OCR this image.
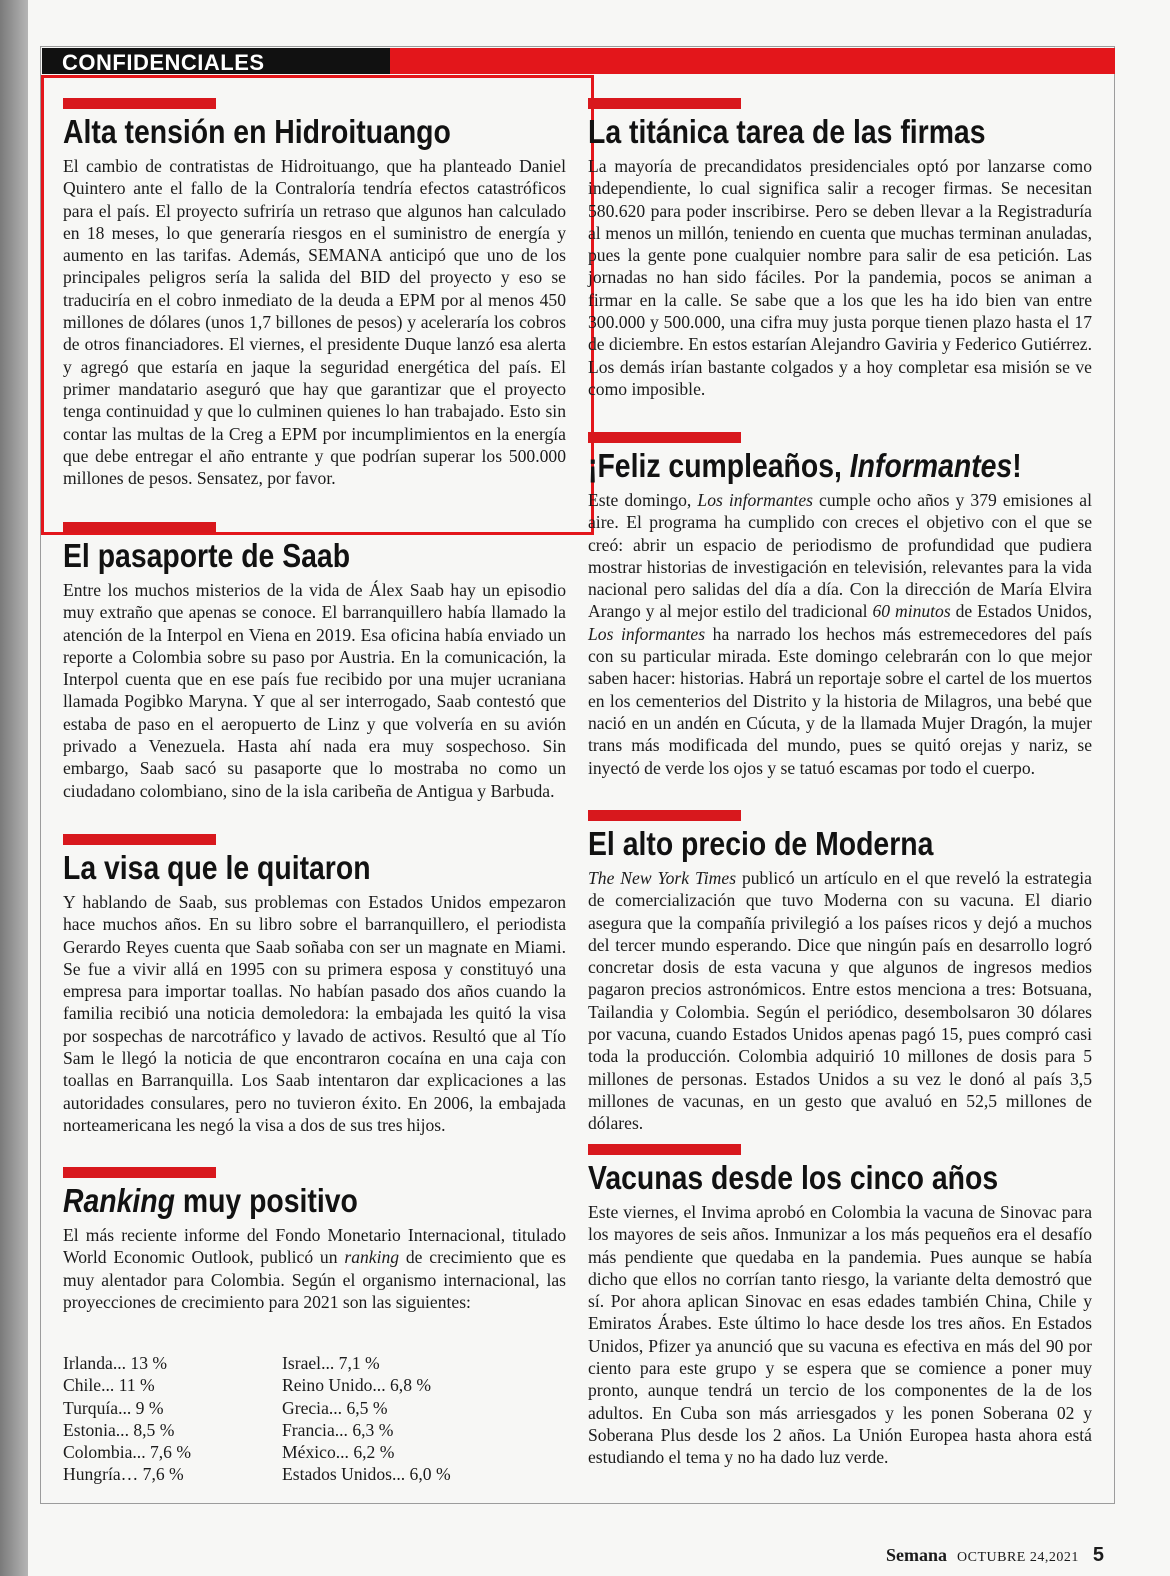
CONFIDENCIALES
Alta tensión en Hidroituango

El cambio de contratistas de Hidroituango, que ha planteado Daniel Quintero ante el fallo de la Contraloría tendría efectos catastróficos para el país. El proyecto sufriría un retraso que algunos han calculado en 18 meses, lo que generaría riesgos en el suministro de energía y aumento en las tarifas. Además, SEMANA anticipó que uno de los principales peligros sería la salida del BID del proyecto y eso se traduciría en el cobro inmediato de la deuda a EPM por al menos 450 millones de dólares (unos 1,7 billones de pesos) y aceleraría los cobros de otros financiadores. El viernes, el presidente Duque lanzó esa alerta y agregó que estaría en jaque la seguridad energética del país. El primer mandatario aseguró que hay que garantizar que el proyecto tenga continuidad y que lo culminen quienes lo han trabajado. Esto sin contar las multas de la Creg a EPM por incumplimientos en la energía que debe entregar el año entrante y que podrían superar los 500.000 millones de pesos. Sensatez, por favor.

El pasaporte de Saab

Entre los muchos misterios de la vida de Álex Saab hay un episodio muy extraño que apenas se conoce. El barranquillero había llamado la atención de la Interpol en Viena en 2019. Esa oficina había enviado un reporte a Colombia sobre su paso por Austria. En la comunicación, la Interpol cuenta que en ese país fue recibido por una mujer ucraniana llamada Pogibko Maryna. Y que al ser interrogado, Saab contestó que estaba de paso en el aeropuerto de Linz y que volvería en su avión privado a Venezuela. Hasta ahí nada era muy sospechoso. Sin embargo, Saab sacó su pasaporte que lo mostraba no como un ciudadano colombiano, sino de la isla caribeña de Antigua y Barbuda.

La visa que le quitaron

Y hablando de Saab, sus problemas con Estados Unidos empezaron hace muchos años. En su libro sobre el barranquillero, el periodista Gerardo Reyes cuenta que Saab soñaba con ser un magnate en Miami. Se fue a vivir allá en 1995 con su primera esposa y constituyó una empresa para importar toallas. No habían pasado dos años cuando la familia recibió una noticia demoledora: la embajada les quitó la visa por sospechas de narcotráfico y lavado de activos. Resultó que al Tío Sam le llegó la noticia de que encontraron cocaína en una caja con toallas en Barranquilla. Los Saab intentaron dar explicaciones a las autoridades consulares, pero no tuvieron éxito. En 2006, la embajada norteamericana les negó la visa a dos de sus tres hijos.

Ranking muy positivo

El más reciente informe del Fondo Monetario Internacional, titulado World Economic Outlook, publicó un ranking de crecimiento que es muy alentador para Colombia. Según el organismo internacional, las proyecciones de crecimiento para 2021 son las siguientes:

Irlanda... 13 %
Chile... 11 %
Turquía... 9 %
Estonia... 8,5 %
Colombia... 7,6 %
Hungría… 7,6 %
Israel... 7,1 %
Reino Unido... 6,8 %
Grecia... 6,5 %
Francia... 6,3 %
México... 6,2 %
Estados Unidos... 6,0 %
La titánica tarea de las firmas

La mayoría de precandidatos presidenciales optó por lanzarse como independiente, lo cual significa salir a recoger firmas. Se necesitan 580.620 para poder inscribirse. Pero se deben llevar a la Registraduría al menos un millón, teniendo en cuenta que muchas terminan anuladas, pues la gente pone cualquier nombre para salir de esa petición. Las jornadas no han sido fáciles. Por la pandemia, pocos se animan a firmar en la calle. Se sabe que a los que les ha ido bien van entre 300.000 y 500.000, una cifra muy justa porque tienen plazo hasta el 17 de diciembre. En estos estarían Alejandro Gaviria y Federico Gutiérrez. Los demás irían bastante colgados y a hoy completar esa misión se ve como imposible.

¡Feliz cumpleaños, Informantes!

Este domingo, Los informantes cumple ocho años y 379 emisiones al aire. El programa ha cumplido con creces el objetivo con el que se creó: abrir un espacio de periodismo de profundidad que pudiera mostrar historias de investigación en televisión, relevantes para la vida nacional pero salidas del día a día. Con la dirección de María Elvira Arango y al mejor estilo del tradicional 60 minutos de Estados Unidos, Los informantes ha narrado los hechos más estremecedores del país con su particular mirada. Este domingo celebrarán con lo que mejor saben hacer: historias. Habrá un reportaje sobre el cartel de los muertos en los cementerios del Distrito y la historia de Milagros, una bebé que nació en un andén en Cúcuta, y de la llamada Mujer Dragón, la mujer trans más modificada del mundo, pues se quitó orejas y nariz, se inyectó de verde los ojos y se tatuó escamas por todo el cuerpo.

El alto precio de Moderna

The New York Times publicó un artículo en el que reveló la estrategia de comercialización que tuvo Moderna con su vacuna. El diario asegura que la compañía privilegió a los países ricos y dejó a muchos del tercer mundo esperando. Dice que ningún país en desarrollo logró concretar dosis de esta vacuna y que algunos de ingresos medios pagaron precios astronómicos. Entre estos menciona a tres: Botsuana, Tailandia y Colombia. Según el periódico, desembolsaron 30 dólares por vacuna, cuando Estados Unidos apenas pagó 15, pues compró casi toda la producción. Colombia adquirió 10 millones de dosis para 5 millones de personas. Estados Unidos a su vez le donó al país 3,5 millones de vacunas, en un gesto que avaluó en 52,5 millones de dólares.

Vacunas desde los cinco años

Este viernes, el Invima aprobó en Colombia la vacuna de Sinovac para los mayores de seis años. Inmunizar a los más pequeños era el desafío más pendiente que quedaba en la pandemia. Pues aunque se había dicho que ellos no corrían tanto riesgo, la variante delta demostró que sí. Por ahora aplican Sinovac en esas edades también China, Chile y Emiratos Árabes. Este último lo hace desde los tres años. En Estados Unidos, Pfizer ya anunció que su vacuna es efectiva en más del 90 por ciento para este grupo y se espera que se comience a poner muy pronto, aunque tendrá un tercio de los componentes de la de los adultos. En Cuba son más arriesgados y les ponen Soberana 02 y Soberana Plus desde los 2 años. La Unión Europea hasta ahora está estudiando el tema y no ha dado luz verde.

Semana OCTUBRE 24,2021 5
